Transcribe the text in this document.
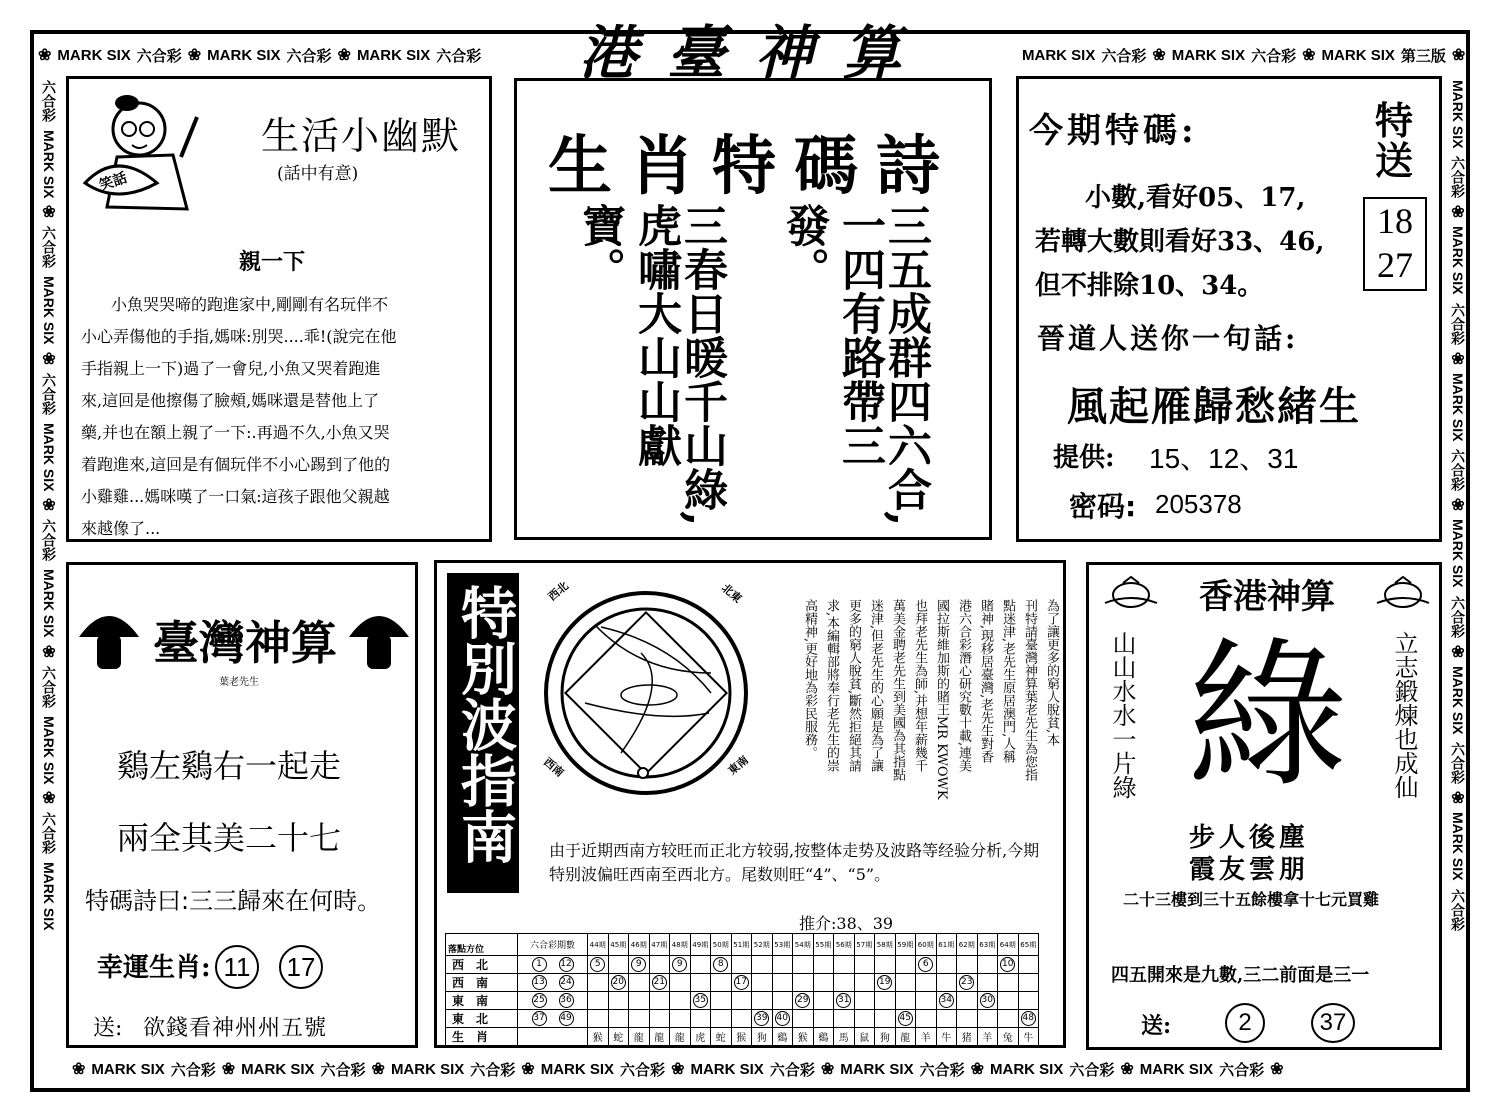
❀ MARK SIX 六合彩 ❀ MARK SIX 六合彩 ❀ MARK SIX 六合彩	MARK SIX 六合彩 ❀ MARK SIX 六合彩 ❀ MARK SIX 第三版 ❀
❀ MARK SIX 六合彩 ❀ MARK SIX 六合彩 ❀ MARK SIX 六合彩 ❀ MARK SIX 六合彩 ❀ MARK SIX 六合彩 ❀ MARK SIX 六合彩 ❀ MARK SIX 六合彩 ❀ MARK SIX 六合彩 ❀
六合彩
MARK SIX
❀
六合彩
MARK SIX
❀
六合彩
MARK SIX
❀
六合彩
MARK SIX
❀
六合彩
MARK SIX
❀
六合彩
MARK SIX
MARK SIX
六合彩
❀
MARK SIX
六合彩
❀
MARK SIX
六合彩
❀
MARK SIX
六合彩
❀
MARK SIX
六合彩
❀
MARK SIX
六合彩
港臺神算
笑話
生活小幽默
(話中有意)
親一下
小魚哭哭啼的跑進家中,剛剛有名玩伴不
小心弄傷他的手指,媽咪:別哭....乖!(說完在他
手指親上一下)過了一會兒,小魚又哭着跑進
來,這回是他擦傷了臉頰,媽咪還是替他上了
藥,并也在額上親了一下:.再過不久,小魚又哭
着跑進來,這回是有個玩伴不小心踢到了他的
小雞雞...媽咪嘆了一口氣:這孩子跟他父親越
來越像了...
生肖特碼詩
三五成群四六合,
一四有路帶三發。
三春日暖千山綠,
虎嘯大山山獻寶。
今期特碼:	特送
18
27
小數,看好05、17,
若轉大數則看好33、46,
但不排除10、34。
晉道人送你一句話:
風起雁歸愁緒生
提供: 15、12、31
密码: 205378
臺灣神算
葉老先生
鷄左鷄右一起走
兩全其美二十七
特碼詩曰:三三歸來在何時。
幸運生肖: 11	17
送: 欲錢看神州州五號
特別波指南	西北	北東
西南	東南
為了讓更多的窮人脫貧,本
刊特請臺灣神算葉老先生為您指
點迷津,老先生原居澳門,人稱
賭神,現移居臺灣,老先生對香
港六合彩潛心研究數十載,連美
國拉斯維加斯的賭王MR KWOWK
也拜老先生為師,并想年薪幾千
萬美金聘老先生到美國為其指點
迷津,但老先生的心願是為了讓
更多的窮人脫貧,斷然拒絕其請
求,本編輯部將奉行老先生的崇
高精神,更好地為彩民服務。
由于近期西南方较旺而正北方较弱,按整体走势及波路等经验分析,今期特别波偏旺西南至西北方。尾数则旺“4”、“5”。
推介:38、39
落點方位	六合彩期數	44期	45期	46期	47期	48期	49期	50期	51期	52期	53期	54期	55期	56期	57期	58期	59期	60期	61期	62期	63期	64期	65期
西　北	1 12	5		9		9		8										6				10	
西　南	13 24		20		21				17							19				23			
東　南	25 36						35					29		31					34		30		
東　北	37 49									39	40						45						48
生　肖		猴	蛇	龍	龍	龍	虎	蛇	猴	狗	鷄	猴	鷄	馬	鼠	狗	龍	羊	牛	猪	羊	兔	牛
香港神算
山山水水一片綠	立志鍛煉也成仙
綠
步人後塵
霞友雲朋
二十三樓到三十五餘樓拿十七元買雞
四五開來是九數,三二前面是三一
送:	2	37
